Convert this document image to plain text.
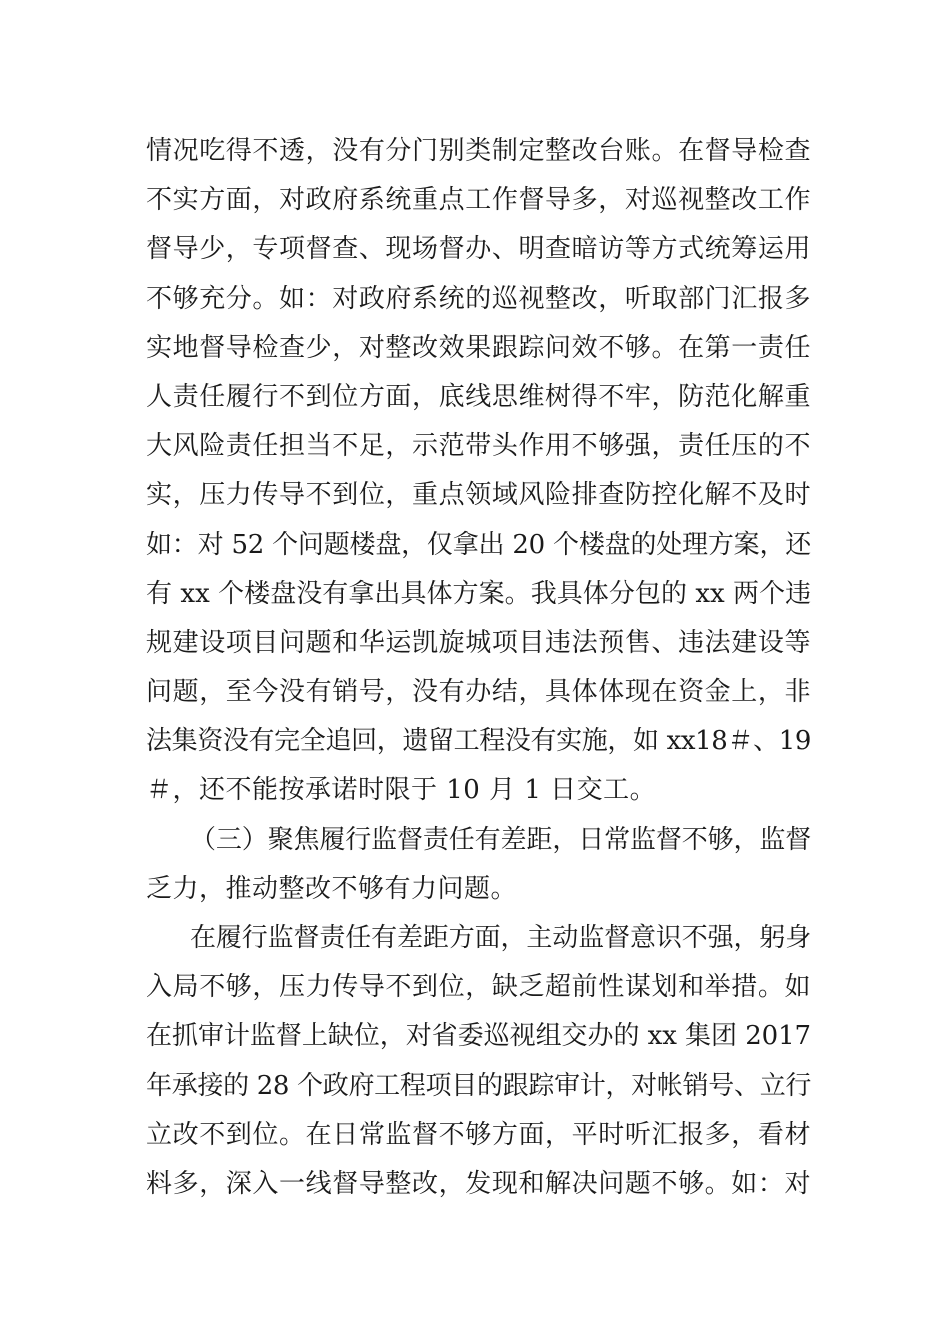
情况吃得不透，没有分门别类制定整改台账。在督导检查
不实方面，对政府系统重点工作督导多，对巡视整改工作
督导少，专项督查、现场督办、明查暗访等方式统筹运用
不够充分。如：对政府系统的巡视整改，听取部门汇报多
实地督导检查少，对整改效果跟踪问效不够。在第一责任
人责任履行不到位方面，底线思维树得不牢，防范化解重
大风险责任担当不足，示范带头作用不够强，责任压的不
实，压力传导不到位，重点领域风险排查防控化解不及时
如：对 52 个问题楼盘，仅拿出 20 个楼盘的处理方案，还
有 xx 个楼盘没有拿出具体方案。我具体分包的 xx 两个违
规建设项目问题和华运凯旋城项目违法预售、违法建设等
问题，至今没有销号，没有办结，具体体现在资金上，非
法集资没有完全追回，遗留工程没有实施，如 xx18＃、19
＃，还不能按承诺时限于 10 月 1 日交工。
（三）聚焦履行监督责任有差距，日常监督不够，监督
乏力，推动整改不够有力问题。
在履行监督责任有差距方面，主动监督意识不强，躬身
入局不够，压力传导不到位，缺乏超前性谋划和举措。如
在抓审计监督上缺位，对省委巡视组交办的 xx 集团 2017
年承接的 28 个政府工程项目的跟踪审计，对帐销号、立行
立改不到位。在日常监督不够方面，平时听汇报多，看材
料多，深入一线督导整改，发现和解决问题不够。如：对
